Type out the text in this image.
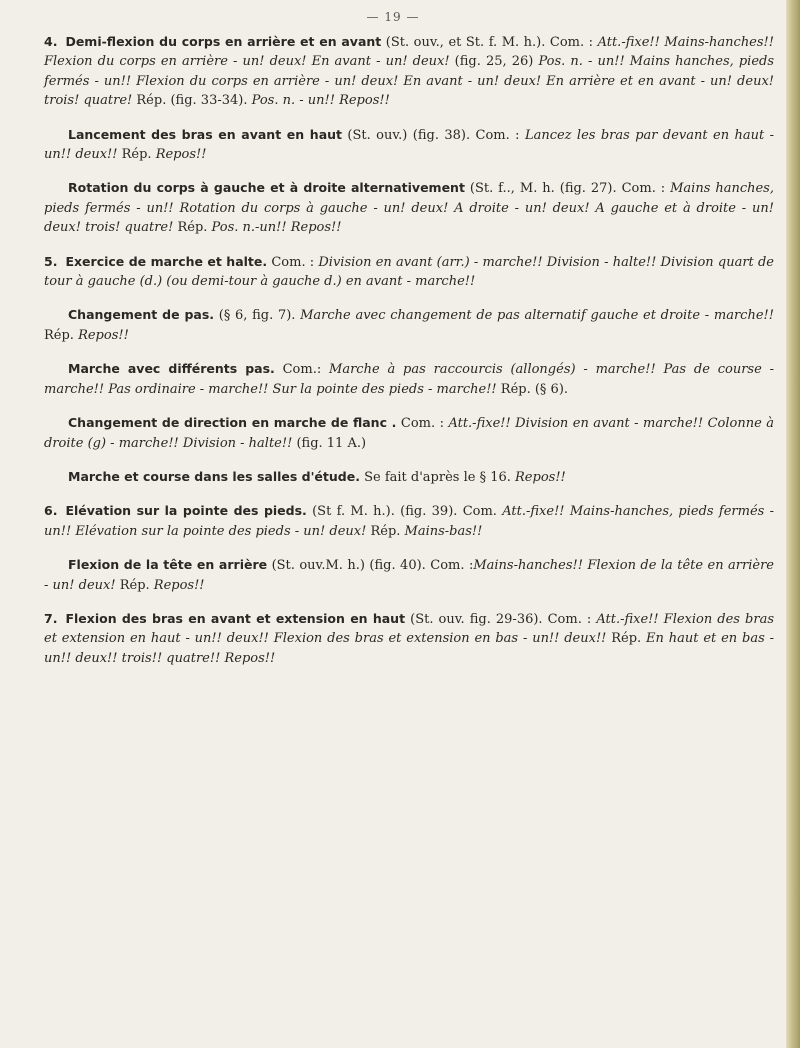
— 19 —

4. Demi-flexion du corps en arrière et en avant (St. ouv., et St. f. M. h.). Com. : Att.-fixe!! Mains-hanches!! Flexion du corps en arrière - un! deux! En avant - un! deux! (fig. 25, 26) Pos. n. - un!! Mains hanches, pieds fermés - un!! Flexion du corps en arrière - un! deux! En avant - un! deux! En arrière et en avant - un! deux! trois! quatre! Rép. (fig. 33-34). Pos. n. - un!! Repos!!

Lancement des bras en avant en haut (St. ouv.) (fig. 38). Com. : Lancez les bras par devant en haut - un!! deux!! Rép. Repos!!

Rotation du corps à gauche et à droite alternativement (St. f.., M. h. (fig. 27). Com. : Mains hanches, pieds fermés - un!! Rotation du corps à gauche - un! deux! A droite - un! deux! A gauche et à droite - un! deux! trois! quatre! Rép. Pos. n.-un!! Repos!!

5. Exercice de marche et halte. Com. : Division en avant (arr.) - marche!! Division - halte!! Division quart de tour à gauche (d.) (ou demi-tour à gauche d.) en avant - marche!!

Changement de pas. (§ 6, fig. 7). Marche avec changement de pas alternatif gauche et droite - marche!! Rép. Repos!!

Marche avec différents pas. Com.: Marche à pas raccourcis (allongés) - marche!! Pas de course - marche!! Pas ordinaire - marche!! Sur la pointe des pieds - marche!! Rép. (§ 6).

Changement de direction en marche de flanc . Com. : Att.-fixe!! Division en avant - marche!! Colonne à droite (g) - marche!! Division - halte!! (fig. 11 A.)

Marche et course dans les salles d'étude. Se fait d'après le § 16. Repos!!

6. Elévation sur la pointe des pieds. (St f. M. h.). (fig. 39). Com. Att.-fixe!! Mains-hanches, pieds fermés - un!! Elévation sur la pointe des pieds - un! deux! Rép. Mains-bas!!

Flexion de la tête en arrière (St. ouv.M. h.) (fig. 40). Com. :Mains-hanches!! Flexion de la tête en arrière - un! deux! Rép. Repos!!

7. Flexion des bras en avant et extension en haut (St. ouv. fig. 29-36). Com. : Att.-fixe!! Flexion des bras et extension en haut - un!! deux!! Flexion des bras et extension en bas - un!! deux!! Rép. En haut et en bas - un!! deux!! trois!! quatre!! Repos!!
